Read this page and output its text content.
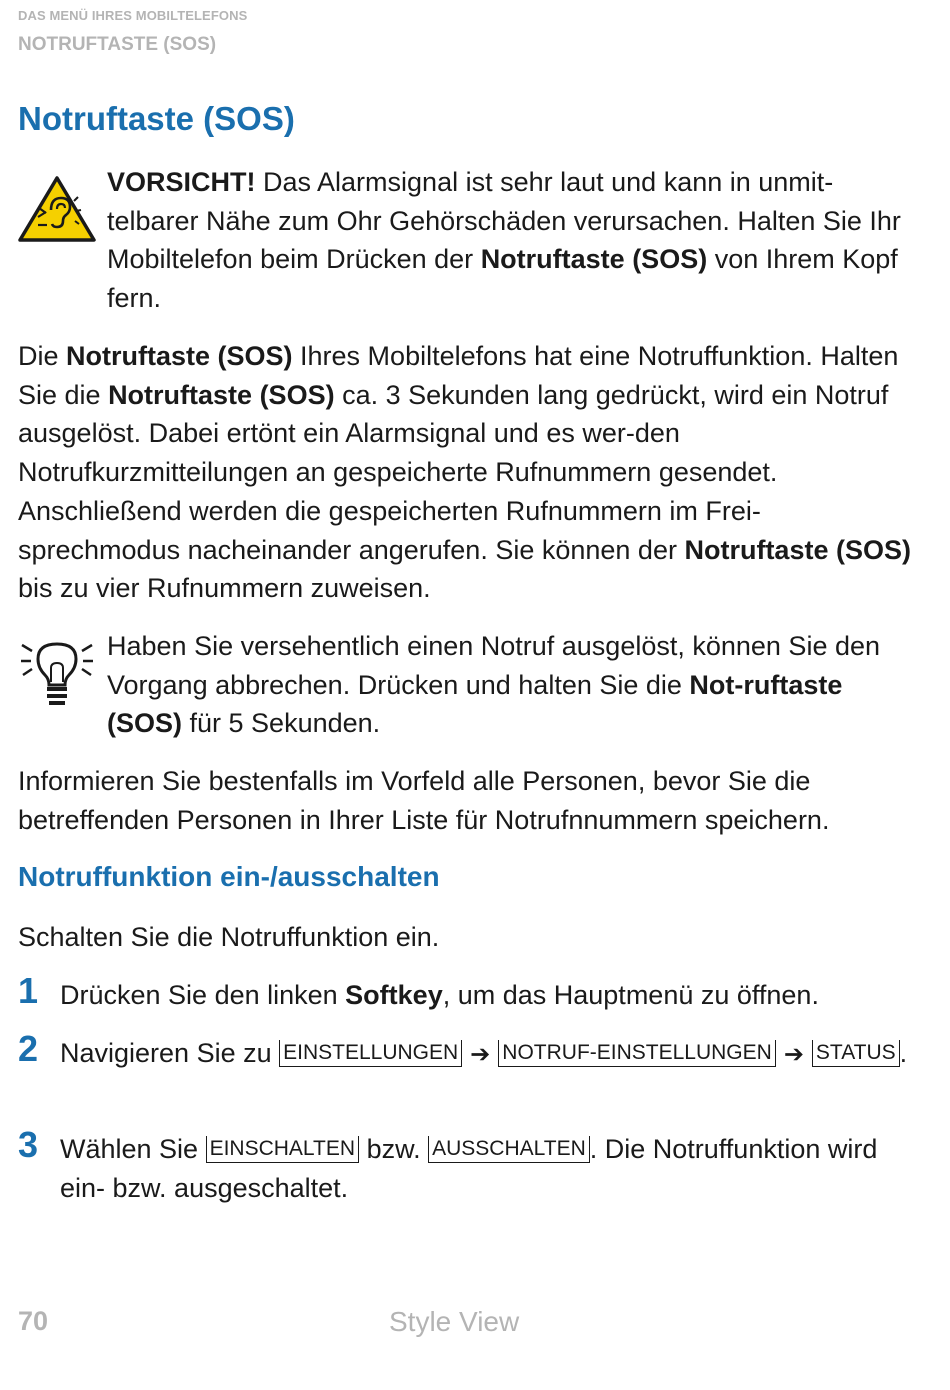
DAS MENÜ IHRES MOBILTELEFONS
NOTRUFTASTE (SOS)
Notruftaste (SOS)

VORSICHT! Das Alarmsignal ist sehr laut und kann in unmit-telbarer Nähe zum Ohr Gehörschäden verursachen. Halten Sie Ihr Mobiltelefon beim Drücken der Notruftaste (SOS) von Ihrem Kopf fern.

Die Notruftaste (SOS) Ihres Mobiltelefons hat eine Notruffunktion. Halten Sie die Notruftaste (SOS) ca. 3 Sekunden lang gedrückt, wird ein Notruf ausgelöst. Dabei ertönt ein Alarmsignal und es wer-den Notrufkurzmitteilungen an gespeicherte Rufnummern gesendet. Anschließend werden die gespeicherten Rufnummern im Frei-sprechmodus nacheinander angerufen. Sie können der Notruftaste (SOS) bis zu vier Rufnummern zuweisen.

Haben Sie versehentlich einen Notruf ausgelöst, können Sie den Vorgang abbrechen. Drücken und halten Sie die Not-ruftaste (SOS) für 5 Sekunden.

Informieren Sie bestenfalls im Vorfeld alle Personen, bevor Sie die betreffenden Personen in Ihrer Liste für Notrufnnummern speichern.

Notruffunktion ein-/ausschalten

Schalten Sie die Notruffunktion ein.

1 Drücken Sie den linken Softkey, um das Hauptmenü zu öffnen.

2 Navigieren Sie zu EINSTELLUNGEN ➔ NOTRUF-EINSTELLUNGEN ➔ STATUS .

3 Wählen Sie EINSCHALTEN bzw. AUSSCHALTEN . Die Notruffunktion wird ein- bzw. ausgeschaltet.

70	Style View
